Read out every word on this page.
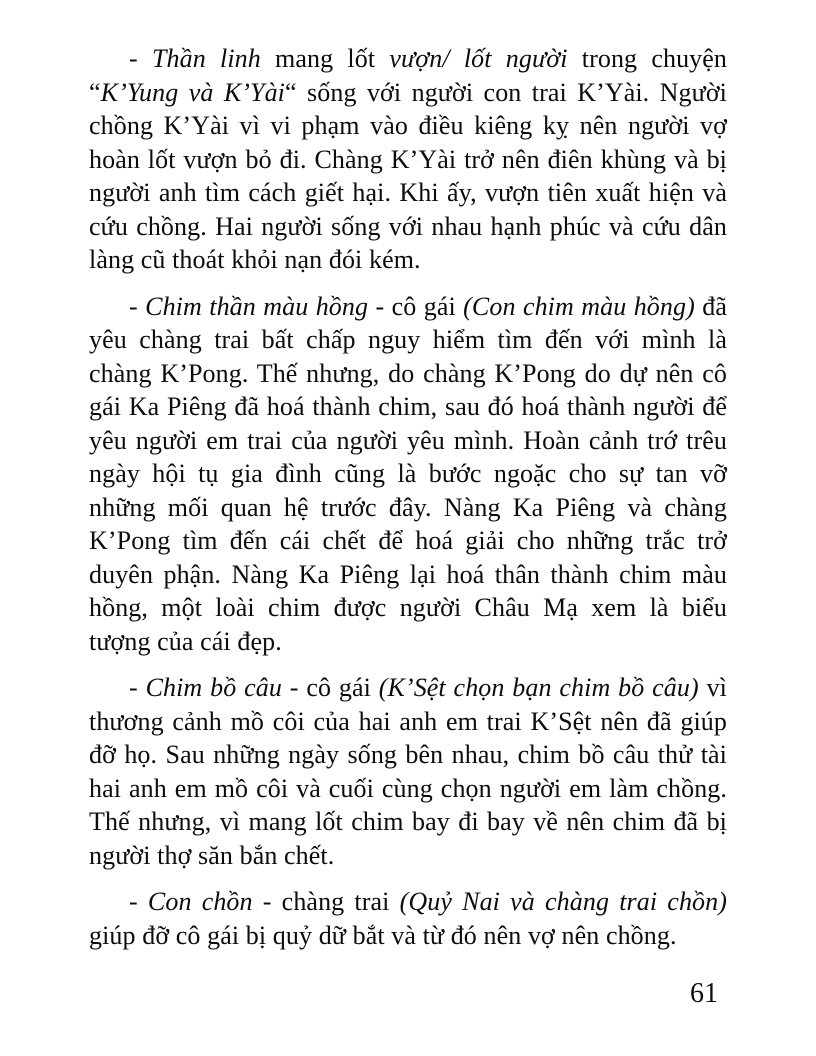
- Thần linh mang lốt vượn/ lốt người trong chuyện “K’Yung và K’Yài“ sống với người con trai K’Yài. Người chồng K’Yài vì vi phạm vào điều kiêng kỵ nên người vợ hoàn lốt vượn bỏ đi. Chàng K’Yài trở nên điên khùng và bị người anh tìm cách giết hại. Khi ấy, vượn tiên xuất hiện và cứu chồng. Hai người sống với nhau hạnh phúc và cứu dân làng cũ thoát khỏi nạn đói kém.

- Chim thần màu hồng - cô gái (Con chim màu hồng) đã yêu chàng trai bất chấp nguy hiểm tìm đến với mình là chàng K’Pong. Thế nhưng, do chàng K’Pong do dự nên cô gái Ka Piêng đã hoá thành chim, sau đó hoá thành người để yêu người em trai của người yêu mình. Hoàn cảnh trớ trêu ngày hội tụ gia đình cũng là bước ngoặc cho sự tan vỡ những mối quan hệ trước đây. Nàng Ka Piêng và chàng K’Pong tìm đến cái chết để hoá giải cho những trắc trở duyên phận. Nàng Ka Piêng lại hoá thân thành chim màu hồng, một loài chim được người Châu Mạ xem là biểu tượng của cái đẹp.

- Chim bồ câu - cô gái (K’Sệt chọn bạn chim bồ câu) vì thương cảnh mồ côi của hai anh em trai K’Sệt nên đã giúp đỡ họ. Sau những ngày sống bên nhau, chim bồ câu thử tài hai anh em mồ côi và cuối cùng chọn người em làm chồng. Thế nhưng, vì mang lốt chim bay đi bay về nên chim đã bị người thợ săn bắn chết.

- Con chồn - chàng trai (Quỷ Nai và chàng trai chồn) giúp đỡ cô gái bị quỷ dữ bắt và từ đó nên vợ nên chồng.

61
